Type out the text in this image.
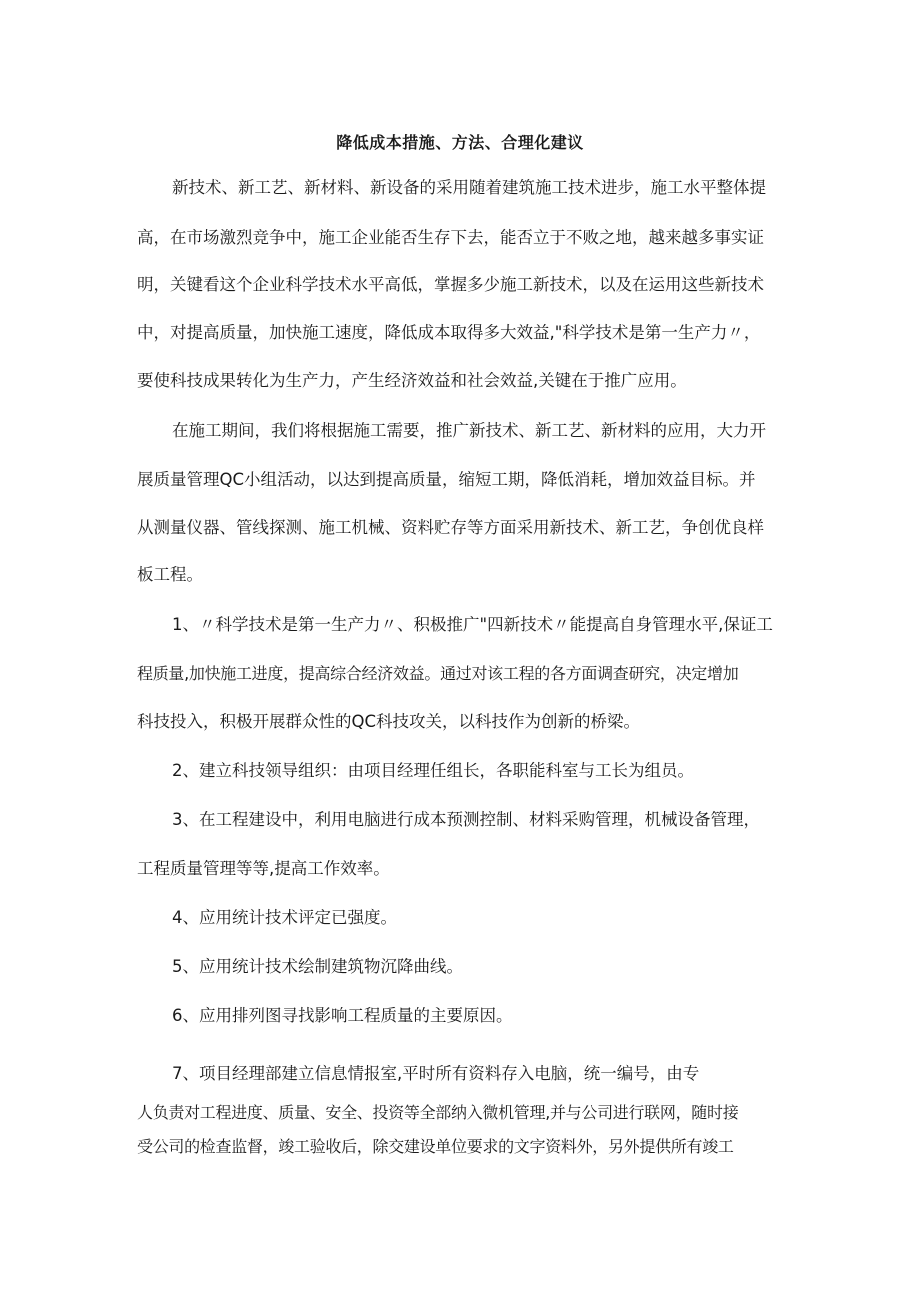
降低成本措施、方法、合理化建议

新技术、新工艺、新材料、新设备的采用随着建筑施工技术进步，施工水平整体提

高，在市场激烈竞争中，施工企业能否生存下去，能否立于不败之地，越来越多事实证

明，关键看这个企业科学技术水平高低，掌握多少施工新技术，以及在运用这些新技术

中，对提高质量，加快施工速度，降低成本取得多大效益,"科学技术是第一生产力〃，

要使科技成果转化为生产力，产生经济效益和社会效益,关键在于推广应用。

在施工期间，我们将根据施工需要，推广新技术、新工艺、新材料的应用，大力开

展质量管理QC小组活动，以达到提高质量，缩短工期，降低消耗，增加效益目标。并

从测量仪器、管线探测、施工机械、资料贮存等方面采用新技术、新工艺，争创优良样

板工程。

1、〃科学技术是第一生产力〃、积极推广"四新技术〃能提高自身管理水平,保证工

程质量,加快施工进度，提高综合经济效益。通过对该工程的各方面调查研究，决定增加

科技投入，积极开展群众性的QC科技攻关，以科技作为创新的桥梁。

2、建立科技领导组织：由项目经理任组长，各职能科室与工长为组员。

3、在工程建设中，利用电脑进行成本预测控制、材料采购管理，机械设备管理，

工程质量管理等等,提高工作效率。

4、应用统计技术评定已强度。

5、应用统计技术绘制建筑物沉降曲线。

6、应用排列图寻找影响工程质量的主要原因。

7、项目经理部建立信息情报室,平时所有资料存入电脑，统一编号，由专

人负责对工程进度、质量、安全、投资等全部纳入微机管理,并与公司进行联网，随时接

受公司的检查监督，竣工验收后，除交建设单位要求的文字资料外，另外提供所有竣工
